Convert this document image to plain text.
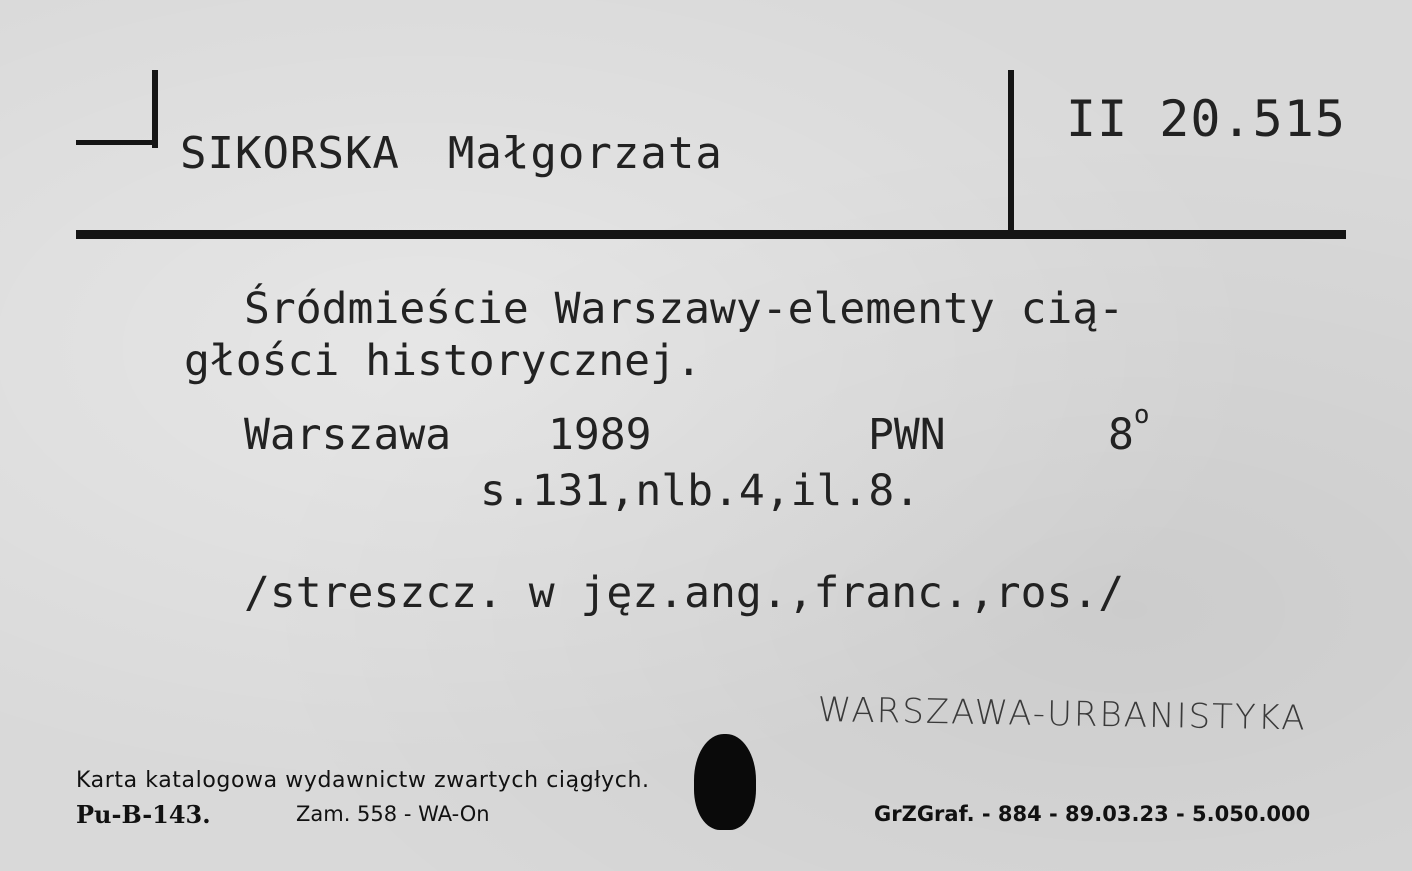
SIKORSKA Małgorzata
II 20.515
Śródmieście Warszawy-elementy cią-
głości historycznej.
Warszawa 1989	PWN	8$^o$
s.131,nlb.4,il.8.
/streszcz. w jęz.ang.,franc.,ros./
WARSZAWA-URBANISTYKA
Karta katalogowa wydawnictw zwartych ciągłych.
Pu-B-143.	Zam. 558 - WA-On	GrZGraf. - 884 - 89.03.23 - 5.050.000
